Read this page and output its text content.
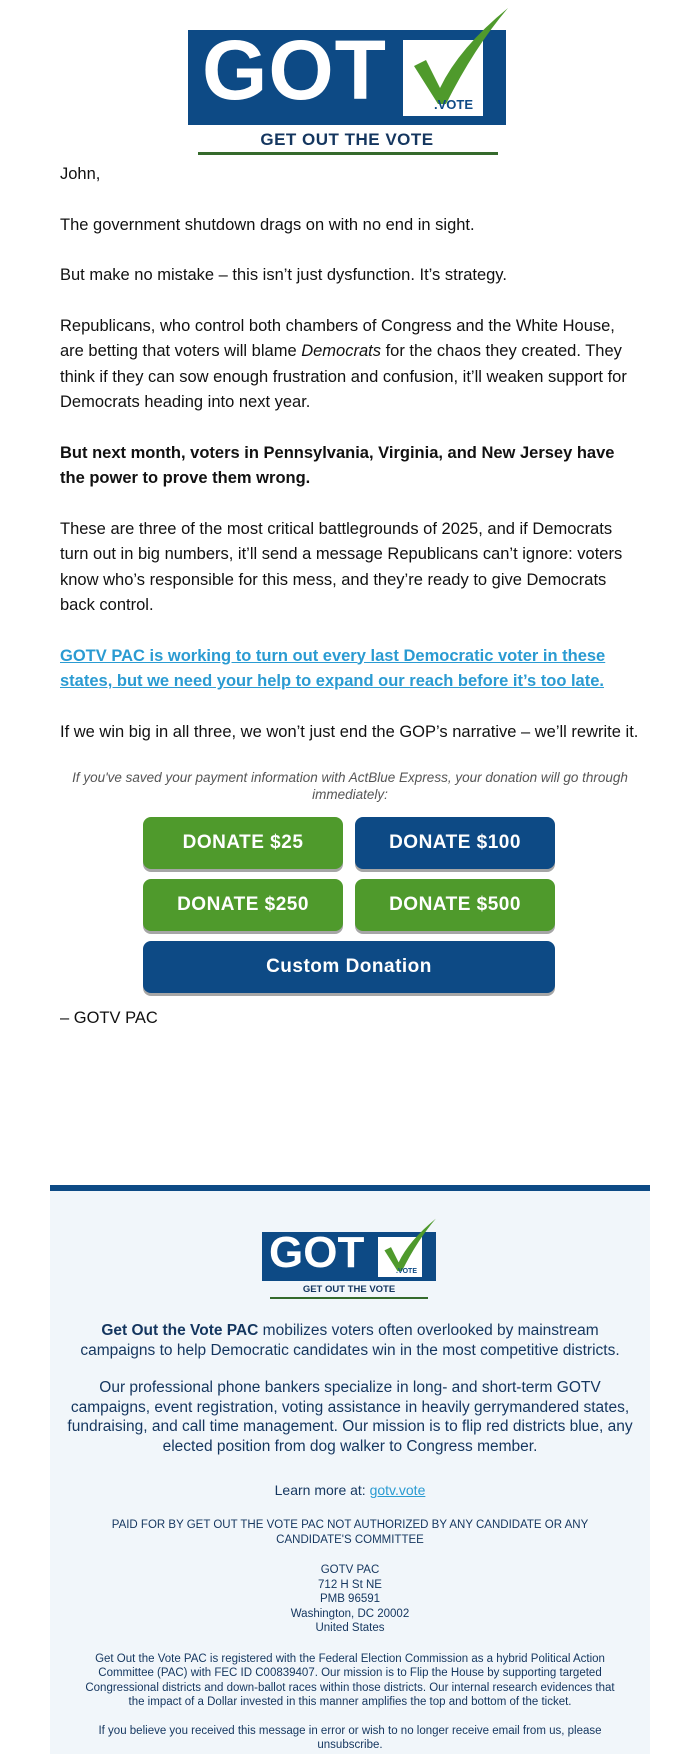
GOT	.VOTE
GET OUT THE VOTE

John,

The government shutdown drags on with no end in sight.

But make no mistake – this isn’t just dysfunction. It’s strategy.

Republicans, who control both chambers of Congress and the White House, are betting that voters will blame Democrats for the chaos they created. They think if they can sow enough frustration and confusion, it’ll weaken support for Democrats heading into next year.

But next month, voters in Pennsylvania, Virginia, and New Jersey have the power to prove them wrong.

These are three of the most critical battlegrounds of 2025, and if Democrats turn out in big numbers, it’ll send a message Republicans can’t ignore: voters know who’s responsible for this mess, and they’re ready to give Democrats back control.

GOTV PAC is working to turn out every last Democratic voter in these states, but we need your help to expand our reach before it’s too late.

If we win big in all three, we won’t just end the GOP’s narrative – we’ll rewrite it.

If you've saved your payment information with ActBlue Express, your donation will go through immediately:
DONATE $25	DONATE $100
DONATE $250	DONATE $500
Custom Donation
– GOTV PAC
GOT	.VOTE
GET OUT THE VOTE

Get Out the Vote PAC mobilizes voters often overlooked by mainstream campaigns to help Democratic candidates win in the most competitive districts.

Our professional phone bankers specialize in long- and short-term GOTV campaigns, event registration, voting assistance in heavily gerrymandered states, fundraising, and call time management. Our mission is to flip red districts blue, any elected position from dog walker to Congress member.

Learn more at: gotv.vote

PAID FOR BY GET OUT THE VOTE PAC NOT AUTHORIZED BY ANY CANDIDATE OR ANY CANDIDATE'S COMMITTEE

GOTV PAC
712 H St NE
PMB 96591
Washington, DC 20002
United States

Get Out the Vote PAC is registered with the Federal Election Commission as a hybrid Political Action Committee (PAC) with FEC ID C00839407. Our mission is to Flip the House by supporting targeted Congressional districts and down-ballot races within those districts. Our internal research evidences that the impact of a Dollar invested in this manner amplifies the top and bottom of the ticket.

If you believe you received this message in error or wish to no longer receive email from us, please unsubscribe.
